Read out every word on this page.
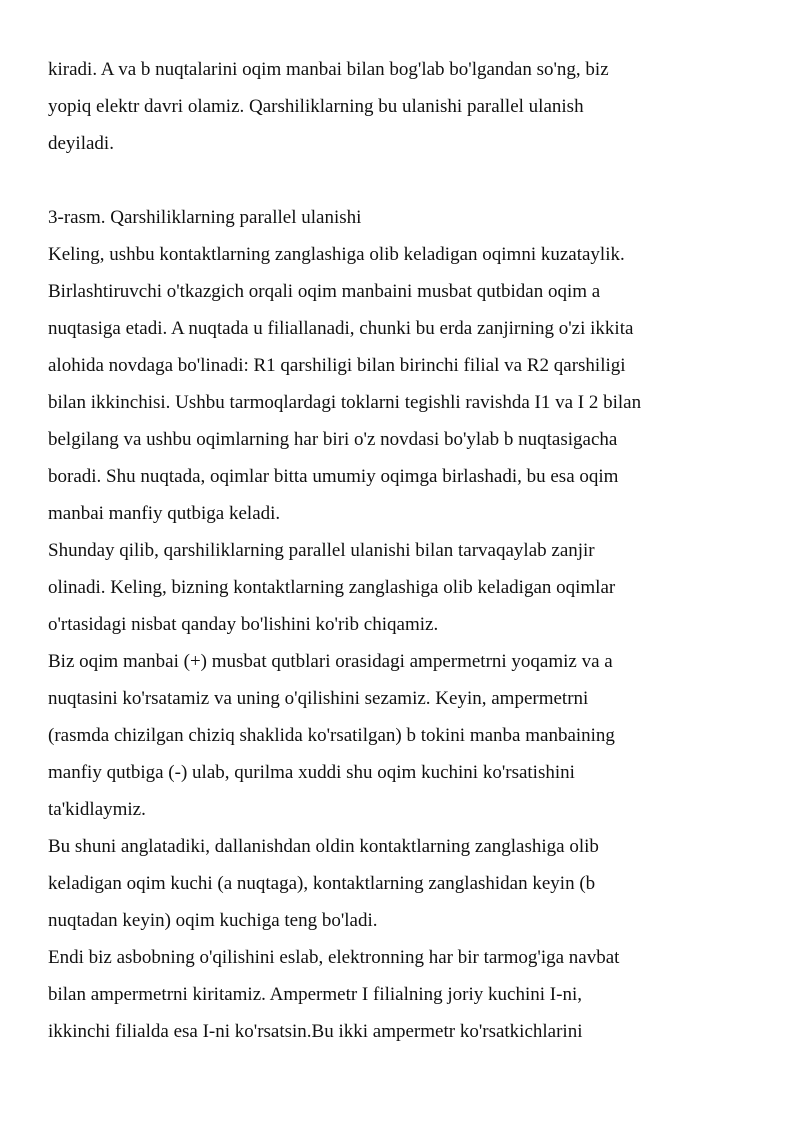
kiradi. A va b nuqtalarini oqim manbai bilan bog'lab bo'lgandan so'ng, biz
yopiq elektr davri olamiz. Qarshiliklarning bu ulanishi parallel ulanish
deyiladi.
3-rasm. Qarshiliklarning parallel ulanishi
Keling, ushbu kontaktlarning zanglashiga olib keladigan oqimni kuzataylik.
Birlashtiruvchi o'tkazgich orqali oqim manbaini musbat qutbidan oqim a
nuqtasiga etadi. A nuqtada u filiallanadi, chunki bu erda zanjirning o'zi ikkita
alohida novdaga bo'linadi: R1 qarshiligi bilan birinchi filial va R2 qarshiligi
bilan ikkinchisi. Ushbu tarmoqlardagi toklarni tegishli ravishda I1 va I 2 bilan
belgilang va ushbu oqimlarning har biri o'z novdasi bo'ylab b nuqtasigacha
boradi. Shu nuqtada, oqimlar bitta umumiy oqimga birlashadi, bu esa oqim
manbai manfiy qutbiga keladi.
Shunday qilib, qarshiliklarning parallel ulanishi bilan tarvaqaylab zanjir
olinadi. Keling, bizning kontaktlarning zanglashiga olib keladigan oqimlar
o'rtasidagi nisbat qanday bo'lishini ko'rib chiqamiz.
Biz oqim manbai (+) musbat qutblari orasidagi ampermetrni yoqamiz va a
nuqtasini ko'rsatamiz va uning o'qilishini sezamiz. Keyin, ampermetrni
(rasmda chizilgan chiziq shaklida ko'rsatilgan) b tokini manba manbaining
manfiy qutbiga (-) ulab, qurilma xuddi shu oqim kuchini ko'rsatishini
ta'kidlaymiz.
Bu shuni anglatadiki, dallanishdan oldin kontaktlarning zanglashiga olib
keladigan oqim kuchi (a nuqtaga), kontaktlarning zanglashidan keyin (b
nuqtadan keyin) oqim kuchiga teng bo'ladi.
Endi biz asbobning o'qilishini eslab, elektronning har bir tarmog'iga navbat
bilan ampermetrni kiritamiz. Ampermetr I filialning joriy kuchini I-ni,
ikkinchi filialda esa I-ni ko'rsatsin.Bu ikki ampermetr ko'rsatkichlarini
